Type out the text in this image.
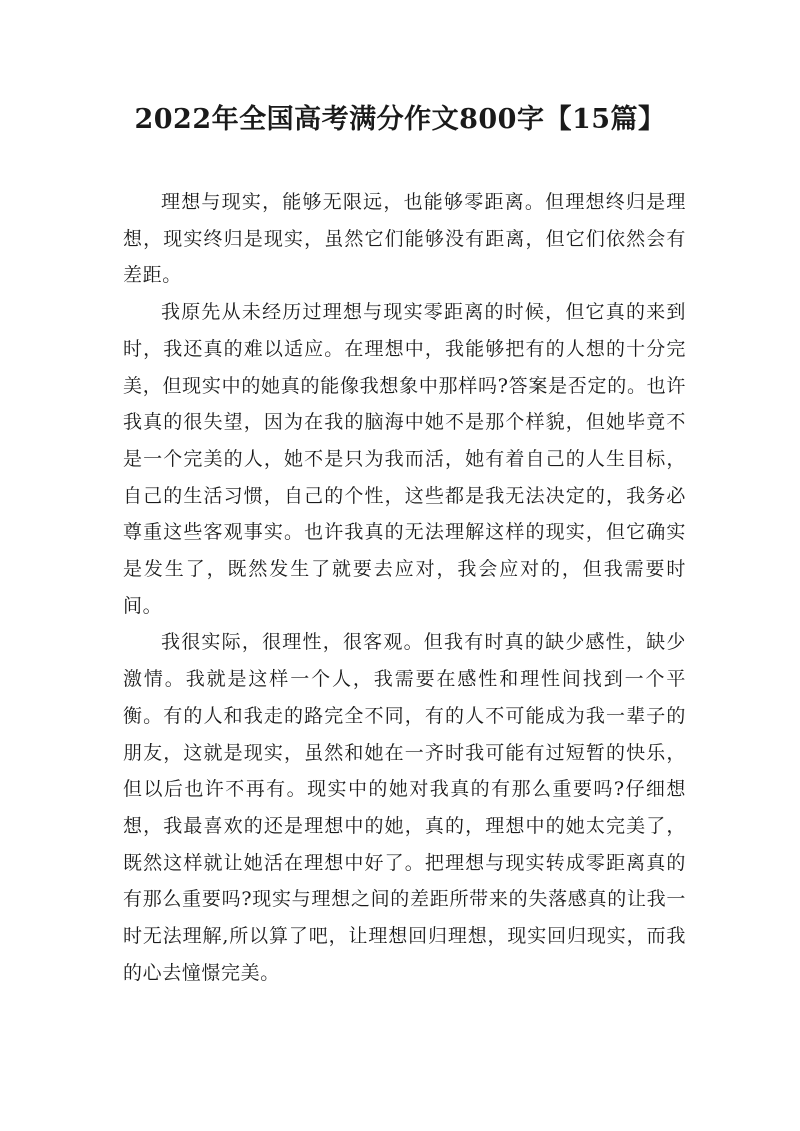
2022年全国高考满分作文800字【15篇】

理想与现实，能够无限远，也能够零距离。但理想终归是理想，现实终归是现实，虽然它们能够没有距离，但它们依然会有差距。

我原先从未经历过理想与现实零距离的时候，但它真的来到时，我还真的难以适应。在理想中，我能够把有的人想的十分完美，但现实中的她真的能像我想象中那样吗?答案是否定的。也许我真的很失望，因为在我的脑海中她不是那个样貌，但她毕竟不是一个完美的人，她不是只为我而活，她有着自己的人生目标，自己的生活习惯，自己的个性，这些都是我无法决定的，我务必尊重这些客观事实。也许我真的无法理解这样的现实，但它确实是发生了，既然发生了就要去应对，我会应对的，但我需要时间。

我很实际，很理性，很客观。但我有时真的缺少感性，缺少激情。我就是这样一个人，我需要在感性和理性间找到一个平衡。有的人和我走的路完全不同，有的人不可能成为我一辈子的朋友，这就是现实，虽然和她在一齐时我可能有过短暂的快乐，但以后也许不再有。现实中的她对我真的有那么重要吗?仔细想想，我最喜欢的还是理想中的她，真的，理想中的她太完美了，既然这样就让她活在理想中好了。把理想与现实转成零距离真的有那么重要吗?现实与理想之间的差距所带来的失落感真的让我一时无法理解,所以算了吧，让理想回归理想，现实回归现实，而我的心去憧憬完美。
